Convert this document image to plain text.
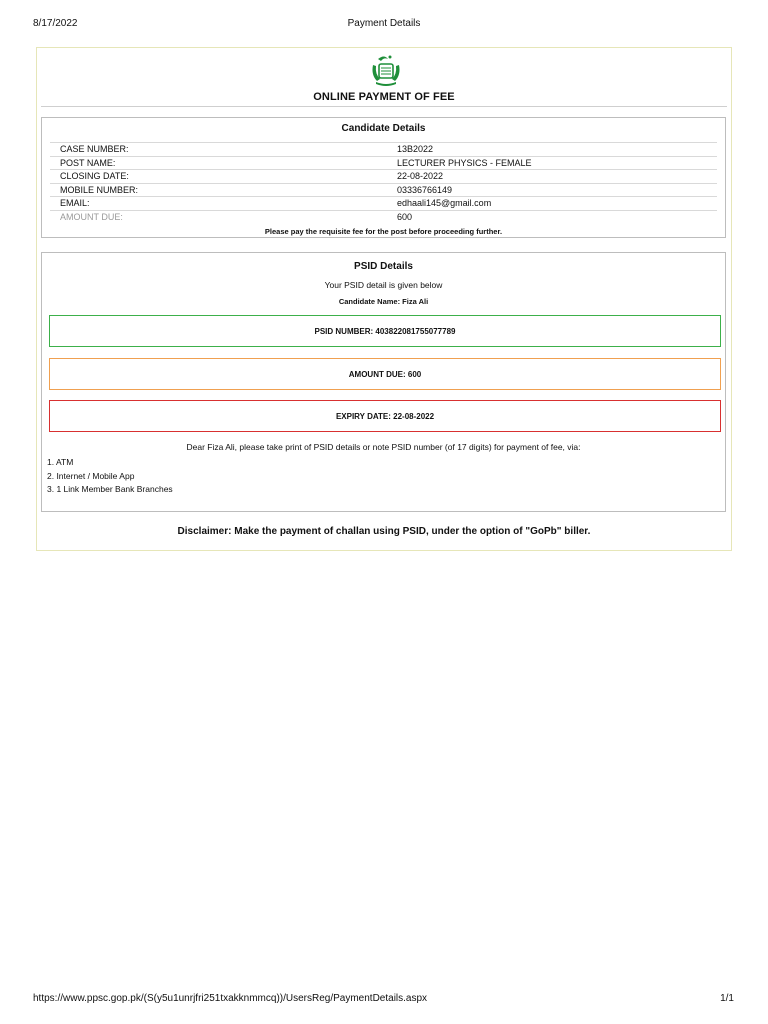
8/17/2022	Payment Details
ONLINE PAYMENT OF FEE
Candidate Details
CASE NUMBER:	13B2022
POST NAME:	LECTURER PHYSICS - FEMALE
CLOSING DATE:	22-08-2022
MOBILE NUMBER:	03336766149
EMAIL:	edhaali145@gmail.com
AMOUNT DUE:	600
Please pay the requisite fee for the post before proceeding further.
PSID Details
Your PSID detail is given below
Candidate Name: Fiza Ali
PSID NUMBER: 403822081755077789
AMOUNT DUE: 600
EXPIRY DATE: 22-08-2022
Dear Fiza Ali, please take print of PSID details or note PSID number (of 17 digits) for payment of fee, via:
1. ATM
2. Internet / Mobile App
3. 1 Link Member Bank Branches
Disclaimer: Make the payment of challan using PSID, under the option of "GoPb" biller.
https://www.ppsc.gop.pk/(S(y5u1unrjfri251txakknmmcq))/UsersReg/PaymentDetails.aspx	1/1
